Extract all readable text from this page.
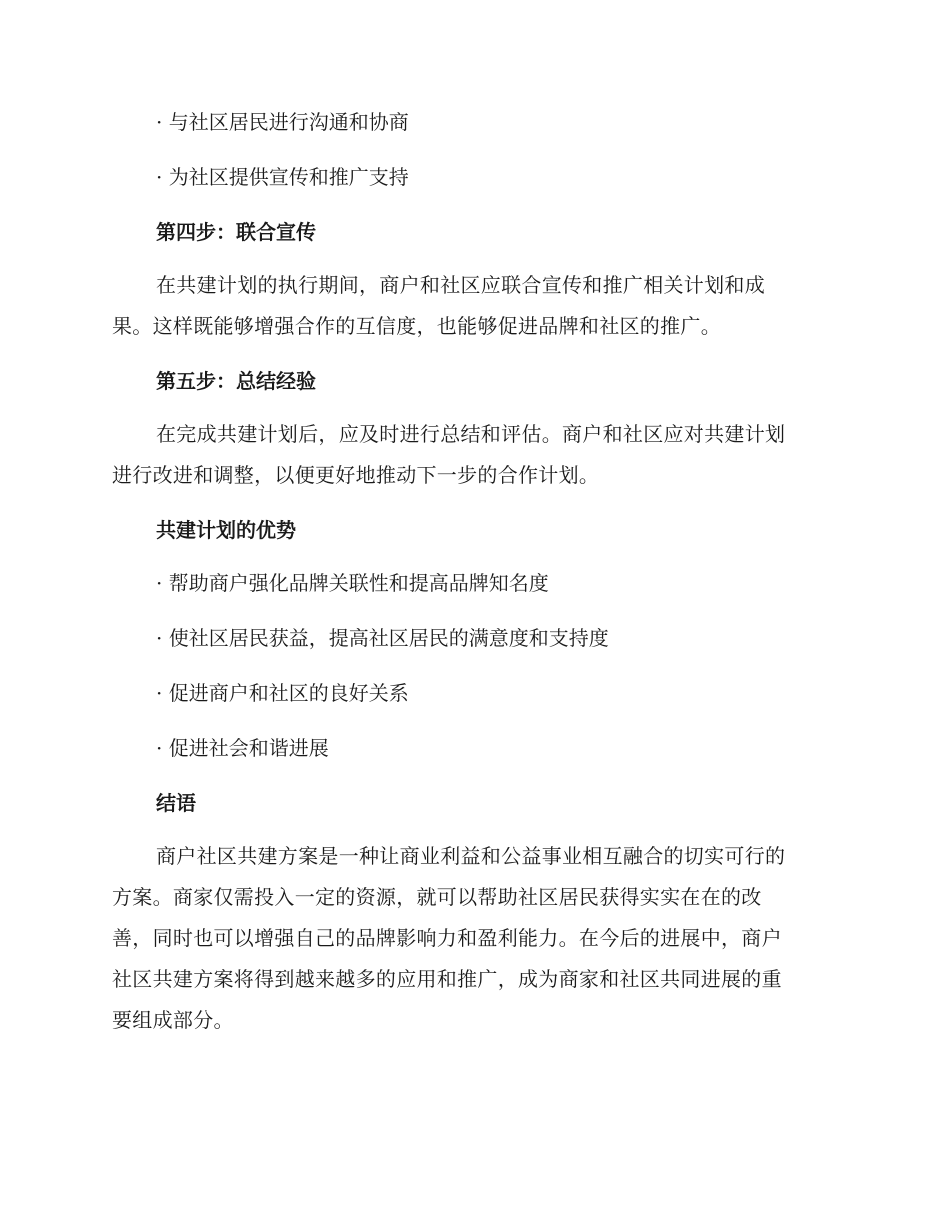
· 与社区居民进行沟通和协商
· 为社区提供宣传和推广支持
第四步：联合宣传
在共建计划的执行期间，商户和社区应联合宣传和推广相关计划和成
果。这样既能够增强合作的互信度，也能够促进品牌和社区的推广。
第五步：总结经验
在完成共建计划后，应及时进行总结和评估。商户和社区应对共建计划
进行改进和调整，以便更好地推动下一步的合作计划。
共建计划的优势
· 帮助商户强化品牌关联性和提高品牌知名度
· 使社区居民获益，提高社区居民的满意度和支持度
· 促进商户和社区的良好关系
· 促进社会和谐进展
结语
商户社区共建方案是一种让商业利益和公益事业相互融合的切实可行的
方案。商家仅需投入一定的资源，就可以帮助社区居民获得实实在在的改
善，同时也可以增强自己的品牌影响力和盈利能力。在今后的进展中，商户
社区共建方案将得到越来越多的应用和推广，成为商家和社区共同进展的重
要组成部分。
